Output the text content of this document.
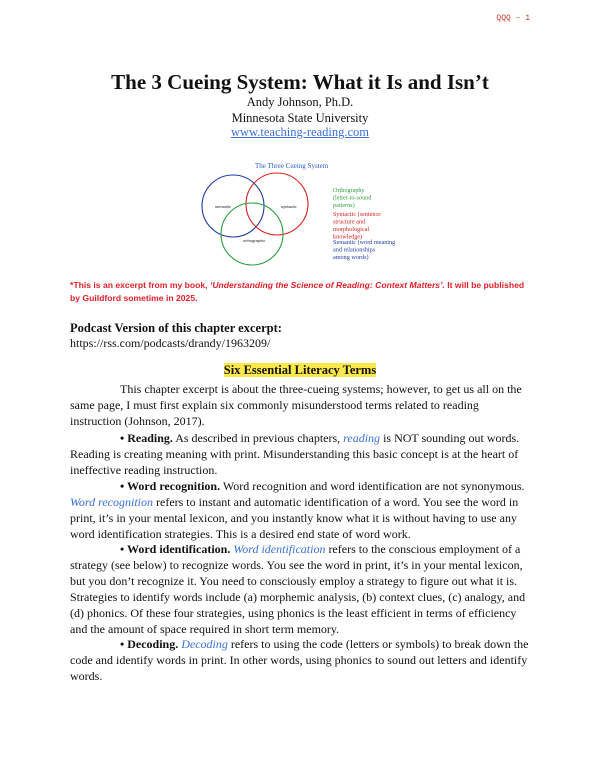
QQQ – 1
The 3 Cueing System: What it Is and Isn’t
Andy Johnson, Ph.D.
Minnesota State University
www.teaching-reading.com
The Three Cueing System
semantic	syntactic
orthographic
Orthography (letter-to-sound patterns)
Syntactic (sentence structure and morphological knowledge)
Semantic (word meaning and relationships among words)
*This is an excerpt from my book, ‘Understanding the Science of Reading: Context Matters’. It will be published by Guildford sometime in 2025.
Podcast Version of this chapter excerpt:
https://rss.com/podcasts/drandy/1963209/
Six Essential Literacy Terms
This chapter excerpt is about the three-cueing systems; however, to get us all on the same page, I must first explain six commonly misunderstood terms related to reading instruction (Johnson, 2017).
• Reading. As described in previous chapters, reading is NOT sounding out words. Reading is creating meaning with print. Misunderstanding this basic concept is at the heart of ineffective reading instruction.
• Word recognition. Word recognition and word identification are not synonymous. Word recognition refers to instant and automatic identification of a word. You see the word in print, it’s in your mental lexicon, and you instantly know what it is without having to use any word identification strategies. This is a desired end state of word work.
• Word identification. Word identification refers to the conscious employment of a strategy (see below) to recognize words. You see the word in print, it’s in your mental lexicon, but you don’t recognize it. You need to consciously employ a strategy to figure out what it is. Strategies to identify words include (a) morphemic analysis, (b) context clues, (c) analogy, and (d) phonics. Of these four strategies, using phonics is the least efficient in terms of efficiency and the amount of space required in short term memory.
• Decoding. Decoding refers to using the code (letters or symbols) to break down the code and identify words in print. In other words, using phonics to sound out letters and identify words.
